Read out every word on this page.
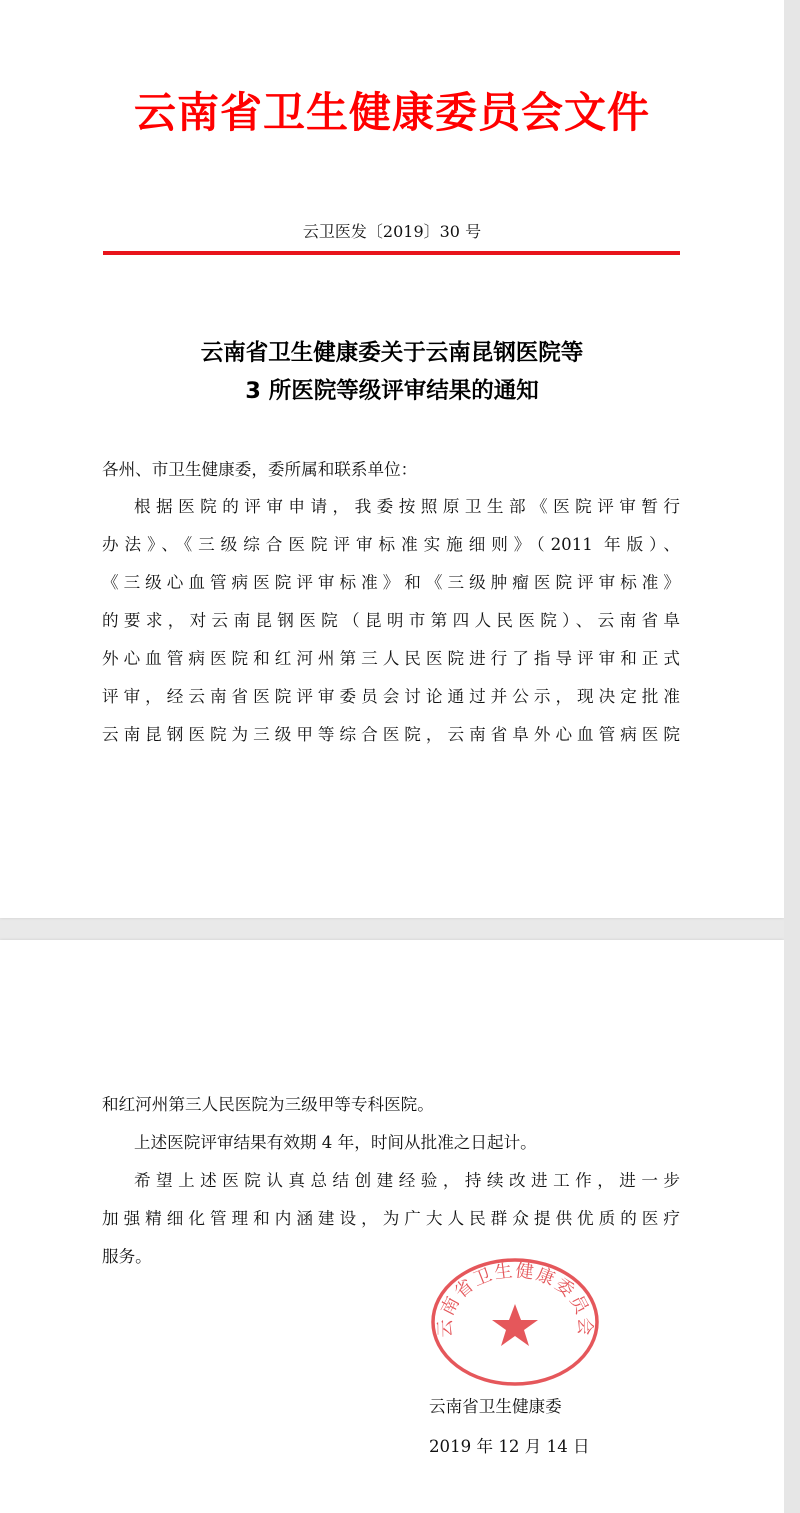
云南省卫生健康委员会文件
云卫医发〔2019〕30 号
云南省卫生健康委关于云南昆钢医院等
3 所医院等级评审结果的通知
各州、市卫生健康委，委所属和联系单位：
根据医院的评审申请，我委按照原卫生部《医院评审暂行
办法》、《三级综合医院评审标准实施细则》（2011 年版）、
《三级心血管病医院评审标准》和《三级肿瘤医院评审标准》
的要求，对云南昆钢医院（昆明市第四人民医院）、云南省阜
外心血管病医院和红河州第三人民医院进行了指导评审和正式
评审，经云南省医院评审委员会讨论通过并公示，现决定批准
云南昆钢医院为三级甲等综合医院，云南省阜外心血管病医院
和红河州第三人民医院为三级甲等专科医院。
上述医院评审结果有效期 4 年，时间从批准之日起计。
希望上述医院认真总结创建经验，持续改进工作，进一步
加强精细化管理和内涵建设，为广大人民群众提供优质的医疗
服务。
云南省卫生健康委员会
云南省卫生健康委
2019 年 12 月 14 日
